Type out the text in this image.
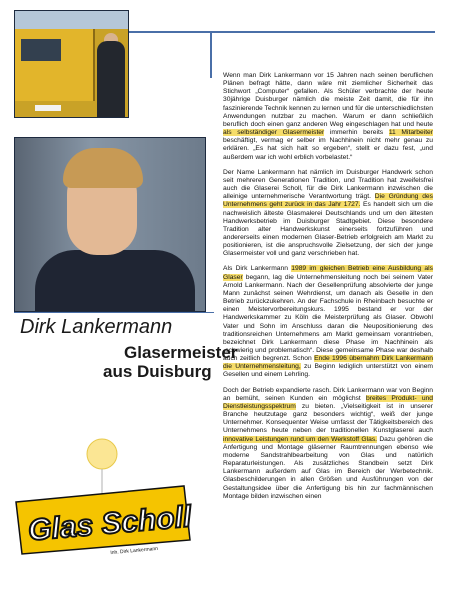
Dirk Lankermann
Glasermeister
aus Duisburg
Glas Scholl
Inh. Dirk Lankermann

Wenn man Dirk Lankermann vor 15 Jahren nach seinen beruflichen Plänen befragt hätte, dann wäre mit ziemlicher Sicherheit das Stichwort „Computer“ gefallen. Als Schüler verbrachte der heute 30jährige Duisburger nämlich die meiste Zeit damit, die für ihn faszinierende Technik kennen zu lernen und für die unterschiedlichsten Anwendungen nutzbar zu machen. Warum er dann schließlich beruflich doch einen ganz anderen Weg eingeschlagen hat und heute als selbständiger Glasermeister immerhin bereits 11 Mitarbeiter beschäftigt, vermag er selber im Nachhinein nicht mehr genau zu erklären. „Es hat sich halt so ergeben“, stellt er dazu fest, „und außerdem war ich wohl erblich vorbelastet.“

Der Name Lankermann hat nämlich im Duisburger Handwerk schon seit mehreren Generationen Tradition, und Tradition hat zweifelsfrei auch die Glaserei Scholl, für die Dirk Lankermann inzwischen die alleinige unternehmerische Verantwortung trägt. Die Gründung des Unternehmens geht zurück in das Jahr 1727. Es handelt sich um die nachweislich älteste Glasmalerei Deutschlands und um den ältesten Handwerksbetrieb im Duisburger Stadtgebiet. Diese besondere Tradition alter Handwerkskunst einerseits fortzuführen und andererseits einen modernen Glaser-Betrieb erfolgreich am Markt zu positionieren, ist die anspruchsvolle Zielsetzung, der sich der junge Glasermeister voll und ganz verschrieben hat.

Als Dirk Lankermann 1989 im gleichen Betrieb eine Ausbildung als Glaser begann, lag die Unternehmensleitung noch bei seinem Vater Arnold Lankermann. Nach der Gesellenprüfung absolvierte der junge Mann zunächst seinen Wehrdienst, um danach als Geselle in den Betrieb zurückzukehren. An der Fachschule in Rheinbach besuchte er einen Meistervorbereitungskurs. 1995 bestand er vor der Handwerkskammer zu Köln die Meisterprüfung als Glaser. Obwohl Vater und Sohn im Anschluss daran die Neupositionierung des traditionsreichen Unternehmens am Markt gemeinsam vorantrieben, bezeichnet Dirk Lankermann diese Phase im Nachhinein als „schwierig und problematisch“. Diese gemeinsame Phase war deshalb auch zeitlich begrenzt. Schon Ende 1996 übernahm Dirk Lankermann die Unternehmensleitung, zu Beginn lediglich unterstützt von einem Gesellen und einem Lehrling.

Doch der Betrieb expandierte rasch. Dirk Lankermann war von Beginn an bemüht, seinen Kunden ein möglichst breites Produkt- und Dienstleistungsspektrum zu bieten. „Vielseitigkeit ist in unserer Branche heutzutage ganz besonders wichtig“, weiß der junge Unternehmer. Konsequenter Weise umfasst der Tätigkeitsbereich des Unternehmens heute neben der traditionellen Kunstglaserei auch innovative Leistungen rund um den Werkstoff Glas. Dazu gehören die Anfertigung und Montage gläserner Raumtrennungen ebenso wie moderne Sandstrahlbearbeitung von Glas und natürlich Reparaturleistungen. Als zusätzliches Standbein setzt Dirk Lankermann außerdem auf Glas im Bereich der Werbetechnik. Glasbeschilderungen in allen Größen und Ausführungen von der Gestaltungsidee über die Anfertigung bis hin zur fachmännischen Montage bilden inzwischen einen
